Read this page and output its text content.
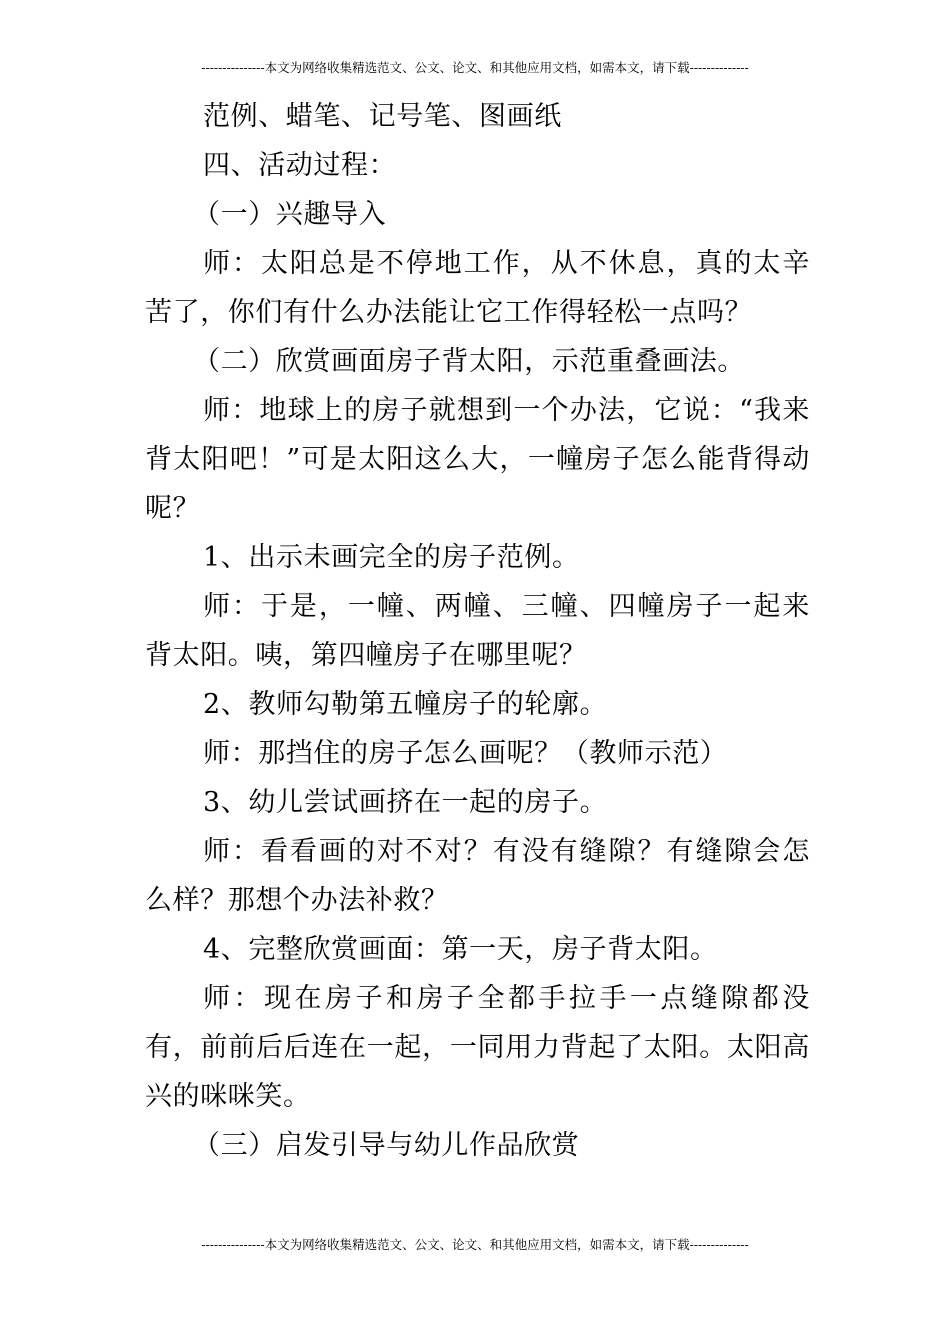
---------------本文为网络收集精选范文、公文、论文、和其他应用文档，如需本文，请下载--------------

范例、蜡笔、记号笔、图画纸

四、活动过程：

（一）兴趣导入

师：太阳总是不停地工作，从不休息，真的太辛苦了，你们有什么办法能让它工作得轻松一点吗？

（二）欣赏画面房子背太阳，示范重叠画法。

师：地球上的房子就想到一个办法，它说：“我来背太阳吧！”可是太阳这么大，一幢房子怎么能背得动呢？

1、出示未画完全的房子范例。

师：于是，一幢、两幢、三幢、四幢房子一起来背太阳。咦，第四幢房子在哪里呢？

2、教师勾勒第五幢房子的轮廓。

师：那挡住的房子怎么画呢？（教师示范）

3、幼儿尝试画挤在一起的房子。

师：看看画的对不对？有没有缝隙？有缝隙会怎么样？那想个办法补救？

4、完整欣赏画面：第一天，房子背太阳。

师：现在房子和房子全都手拉手一点缝隙都没有，前前后后连在一起，一同用力背起了太阳。太阳高兴的咪咪笑。

（三）启发引导与幼儿作品欣赏

---------------本文为网络收集精选范文、公文、论文、和其他应用文档，如需本文，请下载--------------
